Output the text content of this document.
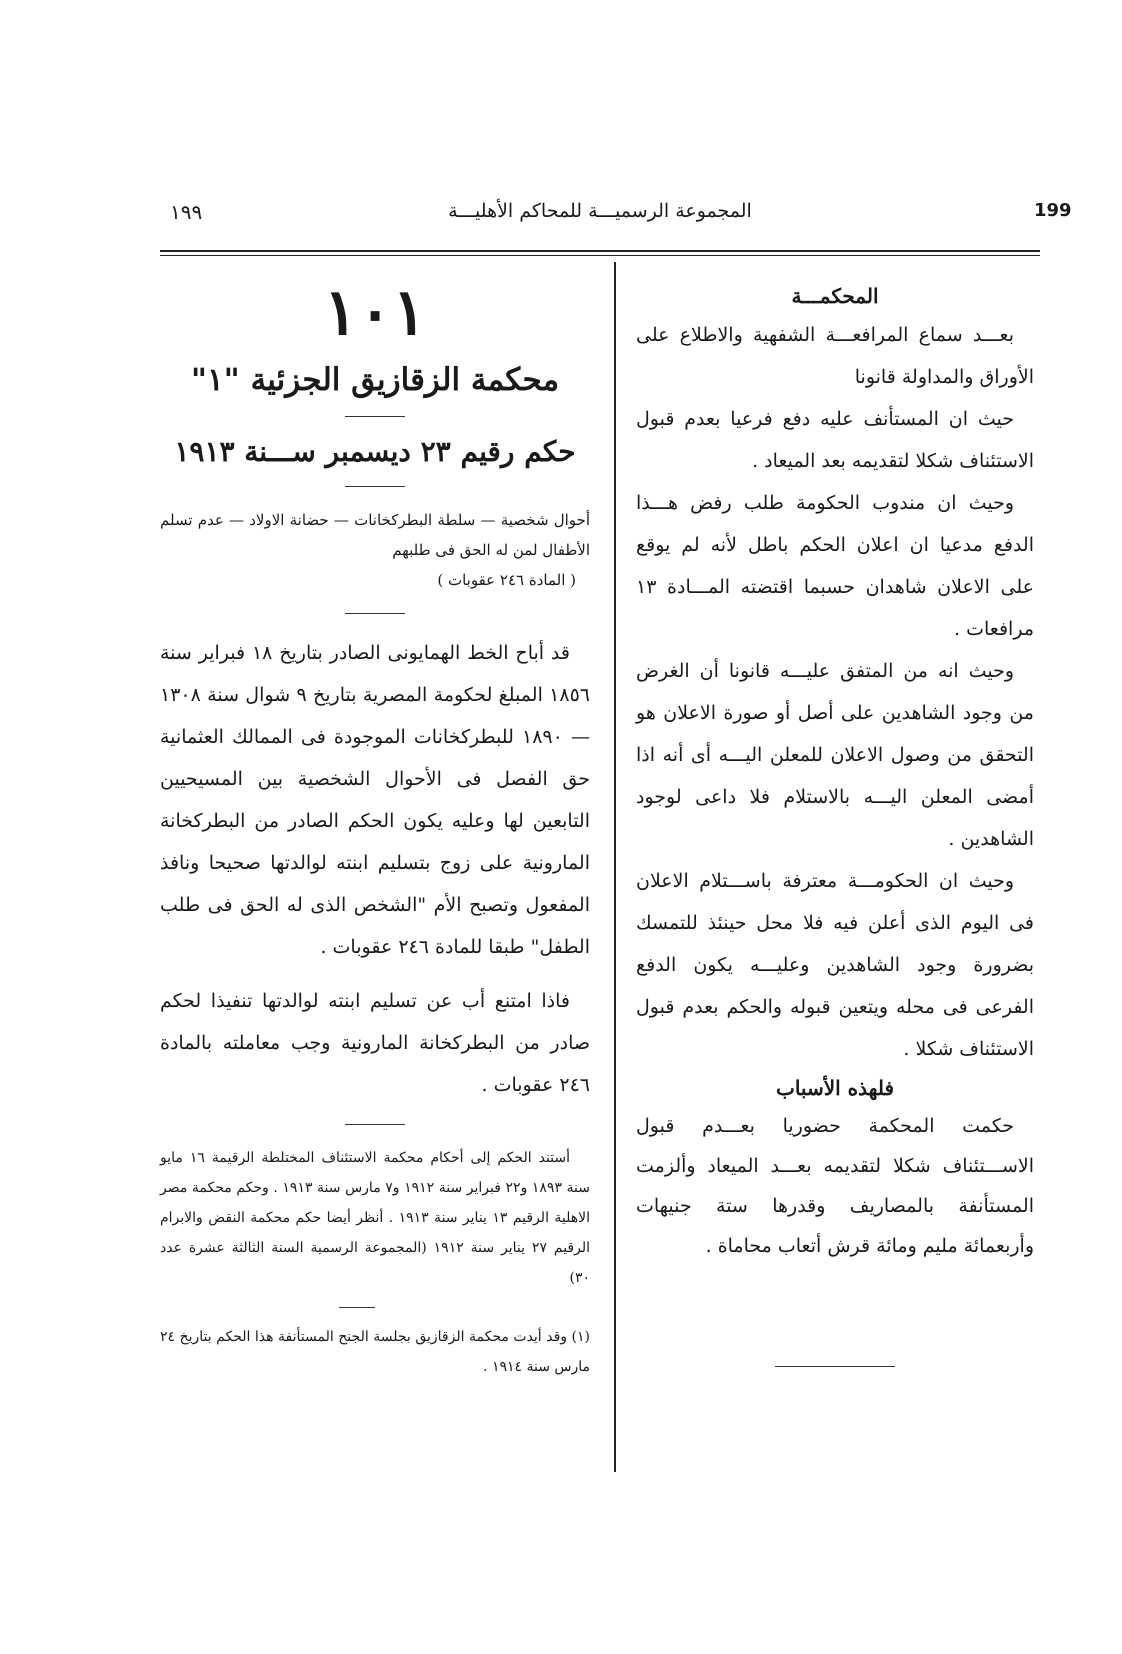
١٩٩	المجموعة الرسميـــة للمحاكم الأهليـــة	199
١٠١
محكمة الزقازيق الجزئية "١"
حكم رقيم ٢٣ ديسمبر ســـنة ١٩١٣
أحوال شخصية — سلطة البطركخانات — حضانة الاولاد — عدم تسلم الأطفال لمن له الحق فى طلبهم
( المادة ٢٤٦ عقوبات )

قد أباح الخط الهمايونى الصادر بتاريخ ١٨ فبراير سنة ١٨٥٦ المبلغ لحكومة المصرية بتاريخ ٩ شوال سنة ١٣٠٨ — ١٨٩٠ للبطركخانات الموجودة فى الممالك العثمانية حق الفصل فى الأحوال الشخصية بين المسيحيين التابعين لها وعليه يكون الحكم الصادر من البطركخانة المارونية على زوج بتسليم ابنته لوالدتها صحيحا ونافذ المفعول وتصبح الأم "الشخص الذى له الحق فى طلب الطفل" طبقا للمادة ٢٤٦ عقوبات .

فاذا امتنع أب عن تسليم ابنته لوالدتها تنفيذا لحكم صادر من البطركخانة المارونية وجب معاملته بالمادة ٢٤٦ عقوبات .

أستند الحكم إلى أحكام محكمة الاستئناف المختلطة الرقيمة ١٦ مايو سنة ١٨٩٣ و٢٢ فبراير سنة ١٩١٢ و٧ مارس سنة ١٩١٣ . وحكم محكمة مصر الاهلية الرقيم ١٣ يناير سنة ١٩١٣ . أنظر أيضا حكم محكمة النقض والابرام الرقيم ٢٧ يناير سنة ١٩١٢ (المجموعة الرسمية السنة الثالثة عشرة عدد ٣٠)
(١) وقد أيدت محكمة الزقازيق بجلسة الجنح المستأنفة هذا الحكم بتاريخ ٢٤ مارس سنة ١٩١٤ .
المحكمـــة

بعـــد سماع المرافعـــة الشفهية والاطلاع على الأوراق والمداولة قانونا

حيث ان المستأنف عليه دفع فرعيا بعدم قبول الاستئناف شكلا لتقديمه بعد الميعاد .

وحيث ان مندوب الحكومة طلب رفض هـــذا الدفع مدعيا ان اعلان الحكم باطل لأنه لم يوقع على الاعلان شاهدان حسبما اقتضته المـــادة ١٣ مرافعات .

وحيث انه من المتفق عليـــه قانونا أن الغرض من وجود الشاهدين على أصل أو صورة الاعلان هو التحقق من وصول الاعلان للمعلن اليـــه أى أنه اذا أمضى المعلن اليـــه بالاستلام فلا داعى لوجود الشاهدين .

وحيث ان الحكومـــة معترفة باســـتلام الاعلان فى اليوم الذى أعلن فيه فلا محل حينئذ للتمسك بضرورة وجود الشاهدين وعليـــه يكون الدفع الفرعى فى محله ويتعين قبوله والحكم بعدم قبول الاستئناف شكلا .

فلهذه الأسباب

حكمت المحكمة حضوريا بعـــدم قبول الاســـتئناف شكلا لتقديمه بعـــد الميعاد وألزمت المستأنفة بالمصاريف وقدرها ستة جنيهات وأربعمائة مليم ومائة قرش أتعاب محاماة .
